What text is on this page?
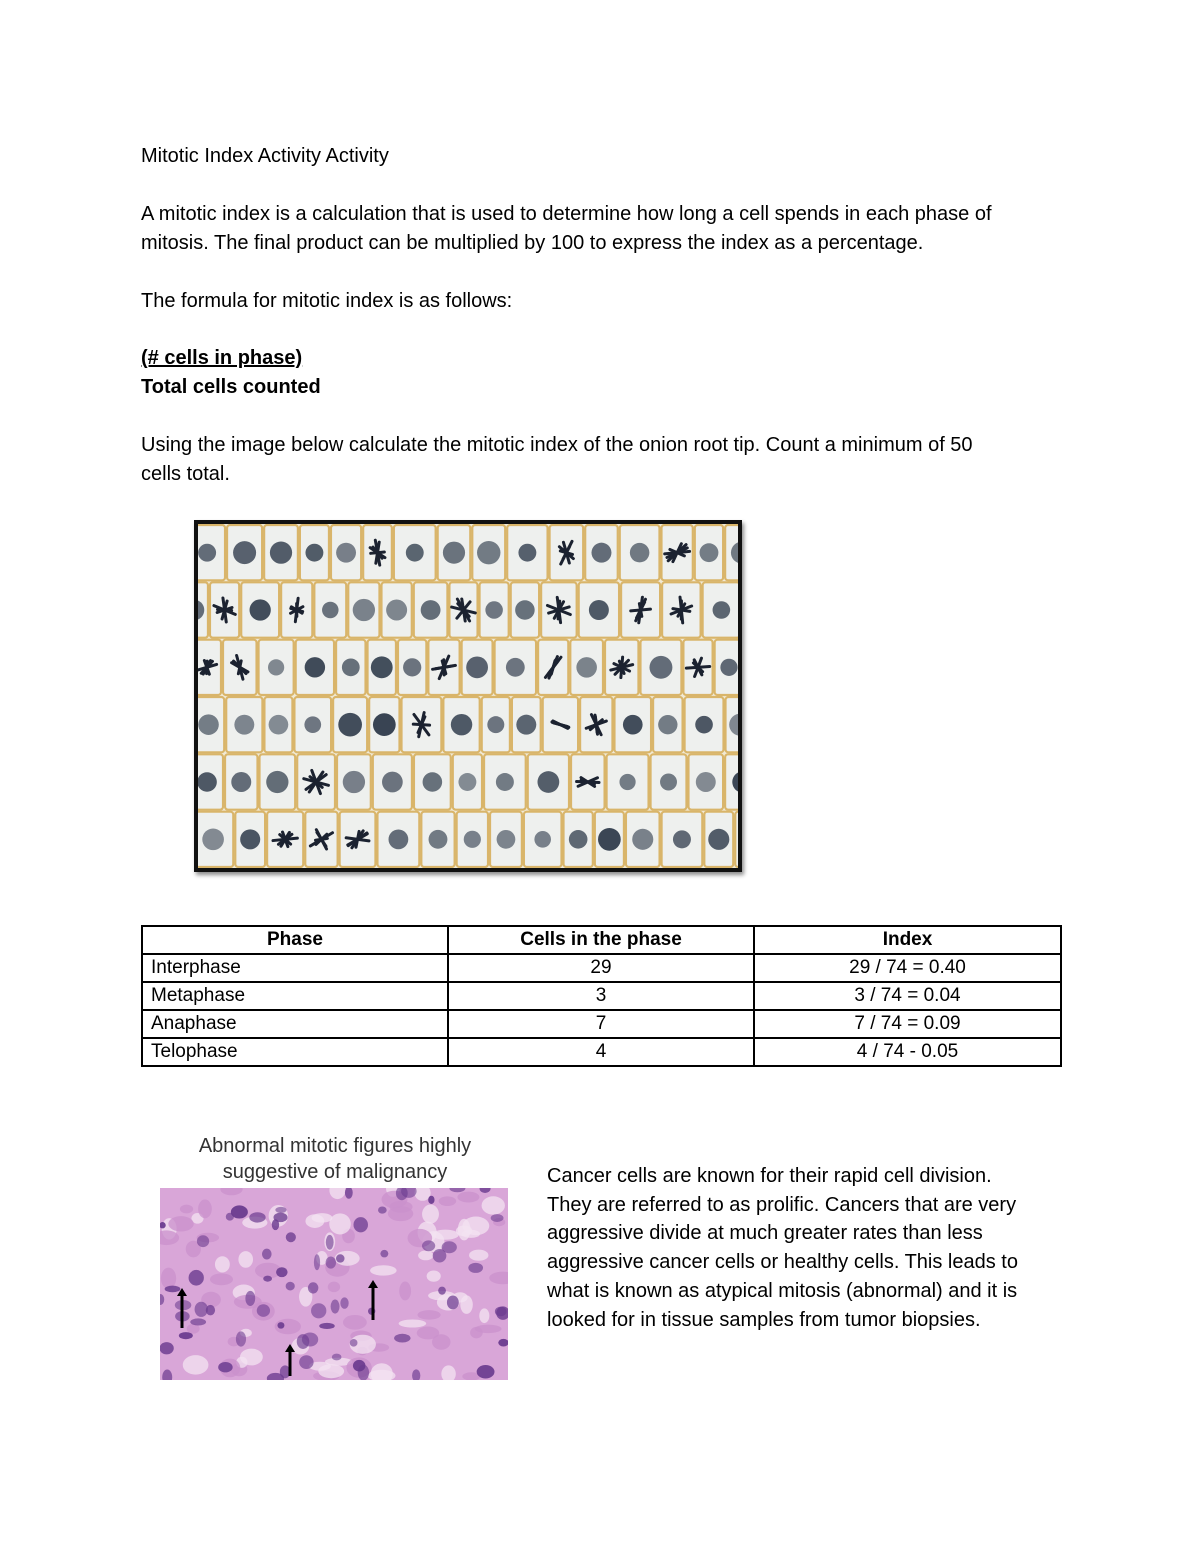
Mitotic Index Activity Activity
A mitotic index is a calculation that is used to determine how long a cell spends in each phase of
mitosis. The final product can be multiplied by 100 to express the index as a percentage.
The formula for mitotic index is as follows:
(# cells in phase)
Total cells counted
Using the image below calculate the mitotic index of the onion root tip. Count a minimum of 50
cells total.
Phase	Cells in the phase	Index
Interphase	29	29 / 74 = 0.40
Metaphase	3	3 / 74 = 0.04
Anaphase	7	7 / 74 = 0.09
Telophase	4	4 / 74 - 0.05
Abnormal mitotic figures highly
suggestive of malignancy	Cancer cells are known for their rapid cell division.
They are referred to as prolific. Cancers that are very
aggressive divide at much greater rates than less
aggressive cancer cells or healthy cells. This leads to
what is known as atypical mitosis (abnormal) and it is
looked for in tissue samples from tumor biopsies.
